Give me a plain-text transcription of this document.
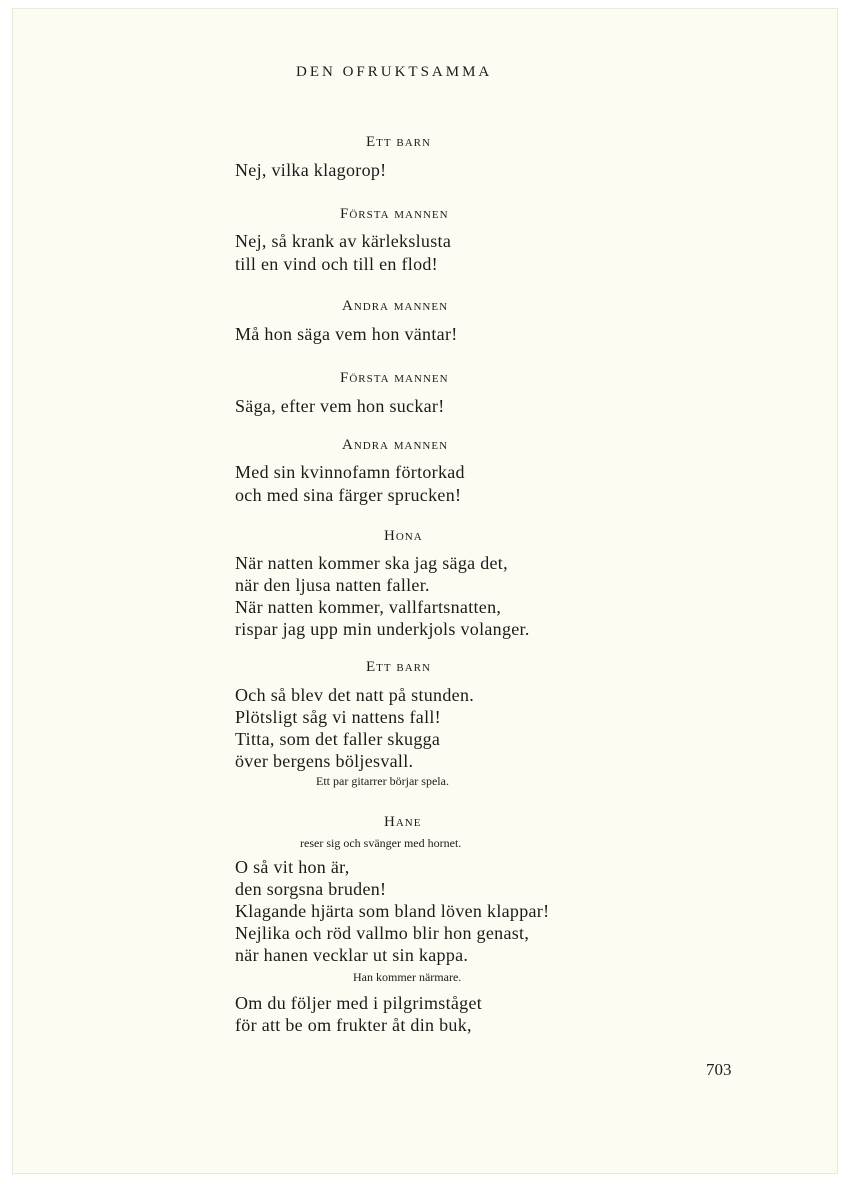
DEN OFRUKTSAMMA
Ett barn
Nej, vilka klagorop!
Första mannen
Nej, så krank av kärlekslusta
till en vind och till en flod!
Andra mannen
Må hon säga vem hon väntar!
Första mannen
Säga, efter vem hon suckar!
Andra mannen
Med sin kvinnofamn förtorkad
och med sina färger sprucken!
Hona
När natten kommer ska jag säga det,
när den ljusa natten faller.
När natten kommer, vallfartsnatten,
rispar jag upp min underkjols volanger.
Ett barn
Och så blev det natt på stunden.
Plötsligt såg vi nattens fall!
Titta, som det faller skugga
över bergens böljesvall.
Ett par gitarrer börjar spela.
Hane
reser sig och svänger med hornet.
O så vit hon är,
den sorgsna bruden!
Klagande hjärta som bland löven klappar!
Nejlika och röd vallmo blir hon genast,
när hanen vecklar ut sin kappa.
Han kommer närmare.
Om du följer med i pilgrimståget
för att be om frukter åt din buk,
703
